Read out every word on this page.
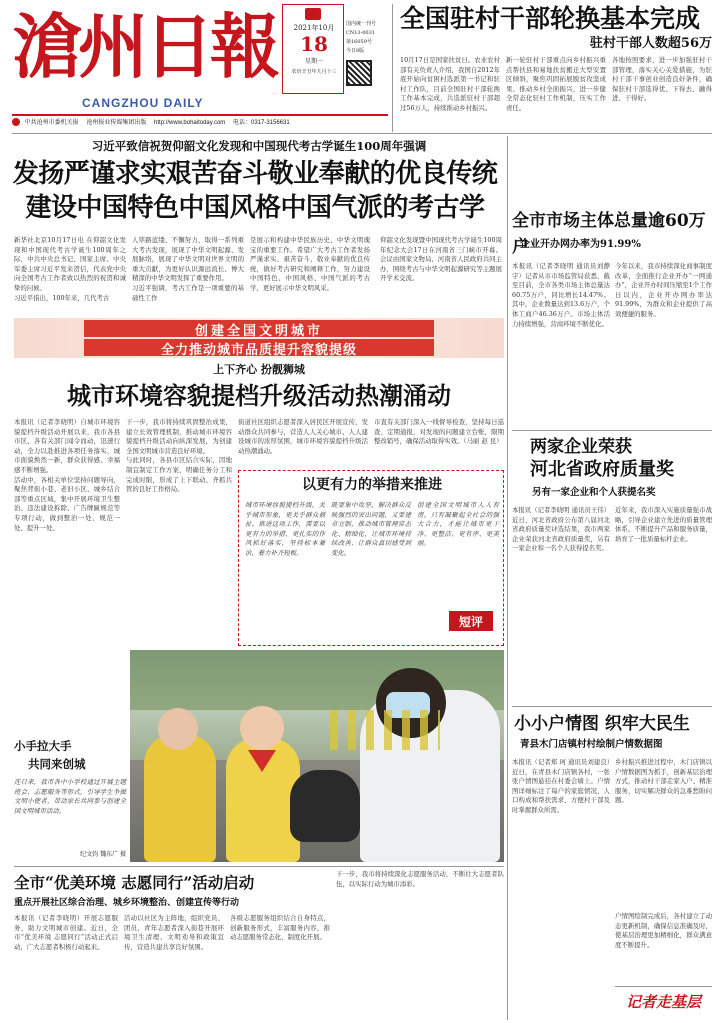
滄州日報
CANGZHOU DAILY
2021年10月
18
星期一
农历辛丑年九月十三
国内统一刊号CN13-0031
第16059号
今日8版
中共沧州市委机关报 沧州报业传媒集团出版 http://www.bohaitoday.com 电话：0317-3156631
全国驻村干部轮换基本完成
驻村干部人数超56万
10月17日是国家扶贫日。农业农村部有关负责人介绍，我国自2012年底开始向贫困村选派第一书记和驻村工作队，目前全国驻村干部轮换工作基本完成，共选派驻村干部超过56万人，持续推动乡村振兴。
新一轮驻村干部重点向乡村振兴重点帮扶县和易地扶贫搬迁大型安置区倾斜，聚焦巩固拓展脱贫攻坚成果、推动乡村全面振兴，进一步健全常态化驻村工作机制，压实工作责任。
各地按照要求，进一步加强驻村干部管理，落实关心关爱措施，为驻村干部干事创业创造良好条件，确保驻村干部选得优、下得去、融得进、干得好。
习近平致信祝贺仰韶文化发现和中国现代考古学诞生100周年强调
发扬严谨求实艰苦奋斗敬业奉献的优良传统
建设中国特色中国风格中国气派的考古学
新华社北京10月17日电 在仰韶文化发现和中国现代考古学诞生100周年之际，中共中央总书记、国家主席、中央军委主席习近平发来贺信，代表党中央向全国考古工作者致以热烈的祝贺和诚挚的问候。
习近平指出，100年来，几代考古
人筚路蓝缕、不懈努力，取得一系列重大考古发现，展现了中华文明起源、发展脉络，展现了中华文明对世界文明的重大贡献，为更好认识源远流长、博大精深的中华文明发挥了重要作用。
习近平强调，考古工作是一项重要的基础性工作
是展示和构建中华民族历史、中华文明瑰宝的重要工作。希望广大考古工作者发扬严谨求实、艰苦奋斗、敬业奉献的优良传统，做好考古研究和阐释工作，努力建设中国特色、中国风格、中国气派的考古学，更好展示中华文明风采。
仰韶文化发现暨中国现代考古学诞生100周年纪念大会17日在河南省三门峡市开幕。会议由国家文物局、河南省人民政府共同主办，围绕考古与中华文明起源研究等主题展开学术交流。
全市市场主体总量逾60万户
企业开办网办率为91.99%
本报讯（记者李晓明 通讯员刘静宇）记者从市市场监管局获悉，截至目前，全市各类市场主体总量达60.75万户，同比增长14.47%。其中，企业数量达到13.6万户，个体工商户46.36万户。市场主体活力持续增强，营商环境不断优化。
今年以来，我市持续深化商事制度改革，全面推行企业开办“一网通办”，企业开办时间压缩至1个工作日以内，企业开办网办率达91.99%，为群众和企业提供了高效便捷的服务。
两家企业荣获
河北省政府质量奖
另有一家企业和个人获提名奖
本报讯（记者李晓明 通讯员王伟）近日，河北省政府公布第八届河北省政府质量奖评选结果，我市两家企业荣获河北省政府质量奖，另有一家企业和一名个人获得提名奖。
近年来，我市深入实施质量强市战略，引导企业建立先进的质量管理体系，不断提升产品和服务质量，培育了一批质量标杆企业。
小小户情图 织牢大民生
青县木门店镇村村绘制户情数据图
本报讯（记者郑 珂 通讯员刘建良）近日，在青县木门店镇各村，一张张户情图悬挂在村委会墙上。户情图详细标注了每户的家庭情况、人口构成和帮扶需求，方便村干部及时掌握群众所需。
乡村振兴推进过程中，木门店镇以户情数据图为抓手，创新基层治理方式，推动村干部走家入户、精准服务，切实解决群众的急难愁盼问题。
户情图绘制完成后，各村建立了动态更新机制，确保信息准确及时，使基层治理更加精细化，群众满意度不断提升。
记者走基层
创建全国文明城市
全力推动城市品质提升容貌提级
上下齐心 扮靓狮城
城市环境容貌提档升级活动热潮涌动
本报讯（记者李晓明）自城市环境容貌提档升级活动开展以来，我市各县市区、各有关部门闻令而动，迅速行动，全力以赴推进各项任务落实，城市面貌焕然一新，群众获得感、幸福感不断增强。
活动中，各相关单位坚持问题导向，聚焦背街小巷、老旧小区、城乡结合部等重点区域，集中开展环境卫生整治、违法建设拆除、广告牌匾规范等专项行动，做到整治一处、规范一处、提升一处。
下一步，我市将持续巩固整治成果，建立长效管理机制，推动城市环境容貌提档升级活动向纵深发展，为创建全国文明城市营造良好环境。
与此同时，各县市区结合实际，因地制宜制定工作方案，明确任务分工和完成时限，形成了上下联动、齐抓共管的良好工作格局。
街道社区组织志愿者深入居民区开展宣传，发动群众共同参与，营造人人关心城市、人人建设城市的浓厚氛围，城市环境容貌提档升级活动热潮涌动。
市直有关部门深入一线督导检查，坚持每日巡查、定期通报，对发现的问题建立台账，限期整改销号，确保活动取得实效。（马丽 赵 昆）
以更有力的举措来推进
城市环境容貌提档升级，关乎城市形象，更关乎群众福祉。推进这项工作，需要以更有力的举措、更扎实的作风抓好落实，坚持标本兼治，着力补齐短板。
既要集中攻坚，解决群众反映强烈的突出问题，又要建章立制，推动城市管理常态化、精细化，让城市环境持续改善，让群众真切感受到变化。
创建全国文明城市人人有责。只有凝聚起全社会的强大合力，才能让城市更干净、更整洁、更有序、更美丽。
短评
小手拉大手
共同来创城
连日来，我市各中小学校通过开展主题班会、志愿服务等形式，引导学生争做文明小使者，带动家长共同参与创建全国文明城市活动。
纪文钧 魏东广 摄
全市“优美环境 志愿同行”活动启动
重点开展社区综合治理、城乡环境整治、创建宣传等行动
本报讯（记者李晓明）开展志愿服务，助力文明城市创建。近日，全市“优美环境 志愿同行”活动正式启动，广大志愿者积极行动起来。
活动以社区为主阵地，组织党员、团员、青年志愿者深入街巷开展环境卫生清理、文明劝导和政策宣传，营造共建共享良好氛围。
各级志愿服务组织结合自身特点，创新服务形式，丰富服务内容，推动志愿服务常态化、制度化开展。
下一步，我市将持续深化志愿服务活动，不断壮大志愿者队伍，以实际行动为城市添彩。
